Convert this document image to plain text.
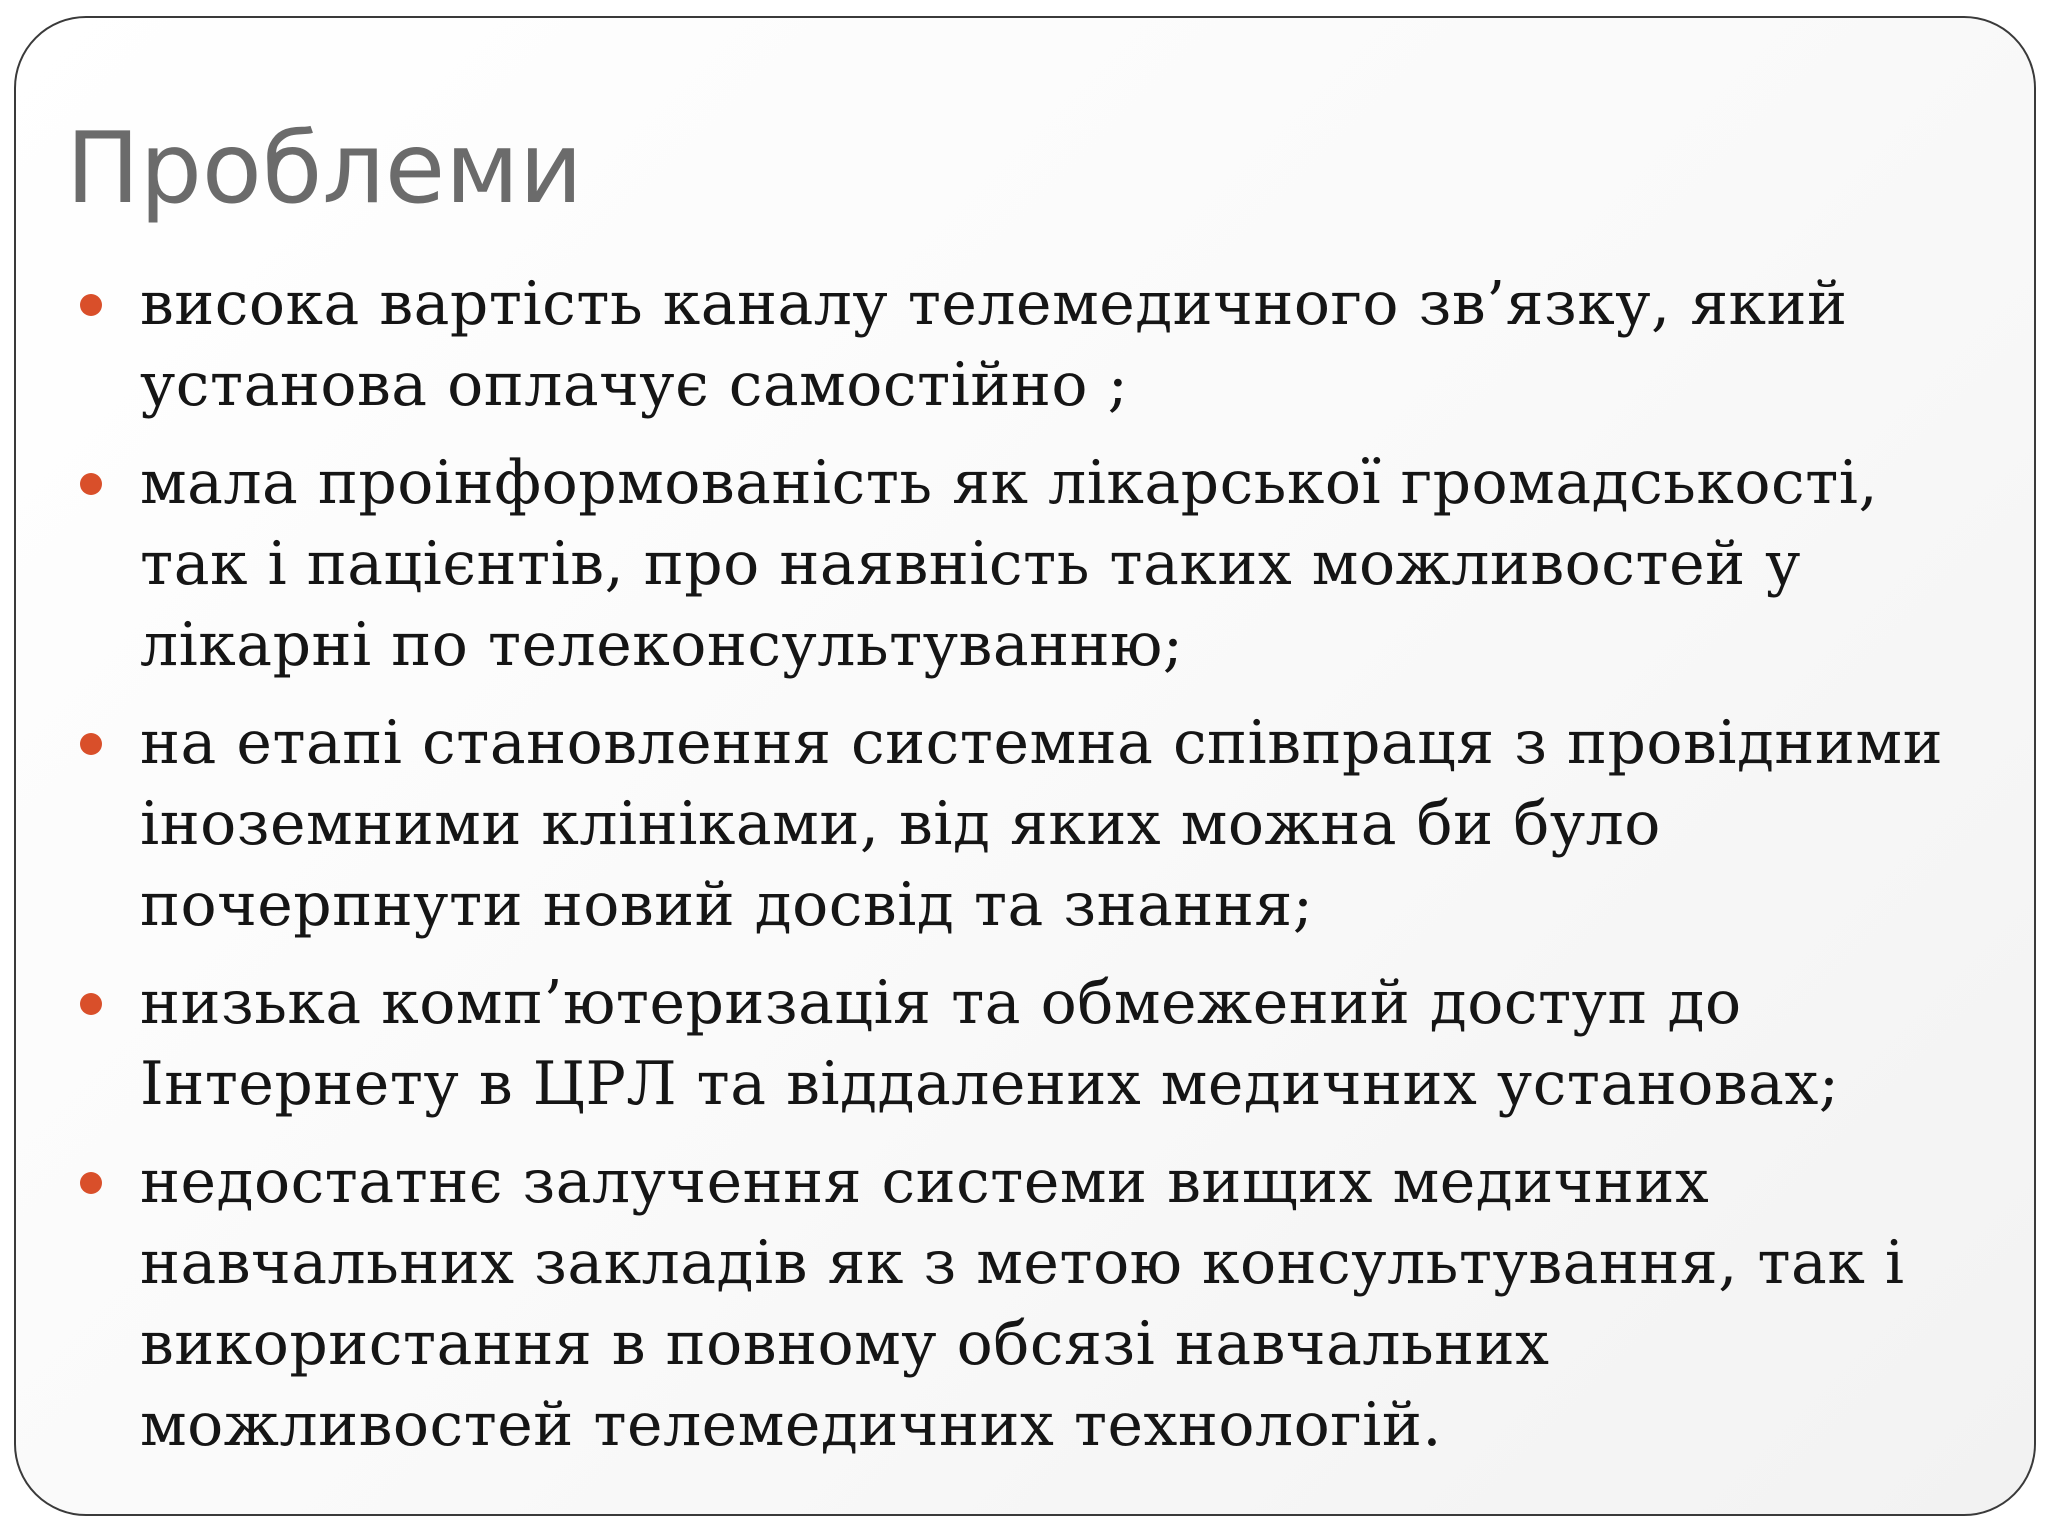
Проблеми
висока вартість каналу телемедичного зв’язку, який установа оплачує самостійно ;
мала проінформованість як лікарської громадськості, так і пацієнтів, про наявність таких можливостей у лікарні по телеконсультуванню;
на етапі становлення системна співпраця з провідними іноземними клініками, від яких можна би було почерпнути новий досвід та знання;
низька комп’ютеризація та обмежений доступ до Інтернету в ЦРЛ та віддалених медичних установах;
недостатнє залучення системи вищих медичних навчальних закладів як з метою консультування, так і використання в повному обсязі навчальних можливостей телемедичних технологій.
